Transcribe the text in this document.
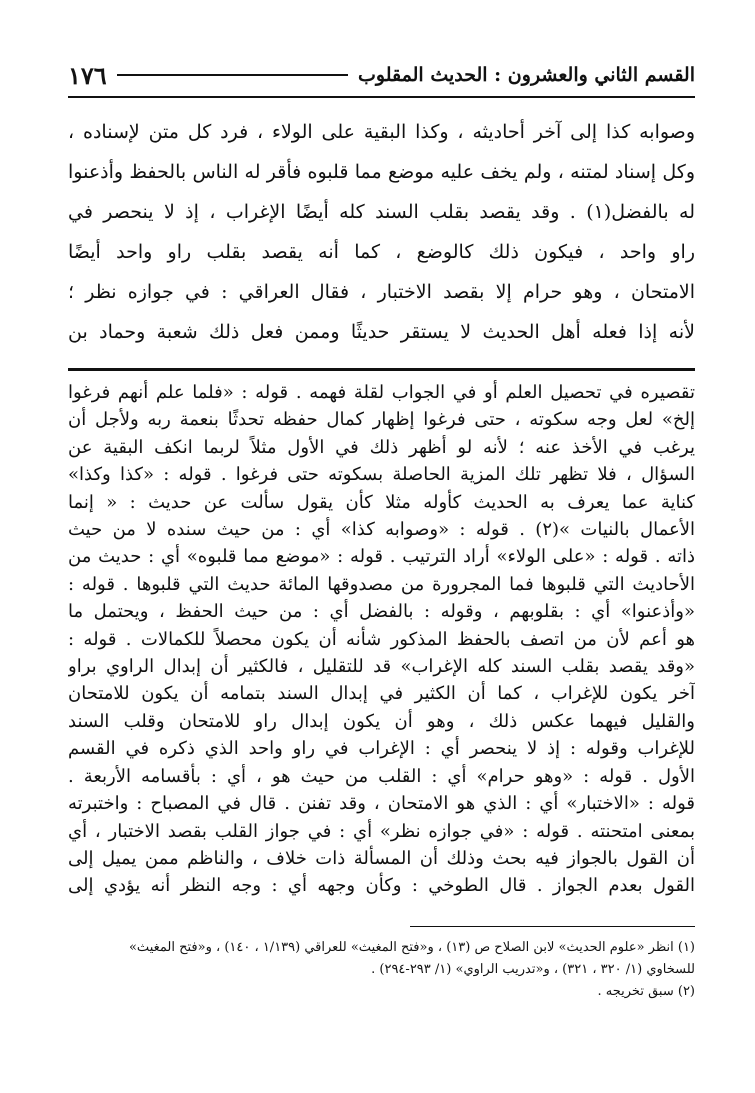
القسم الثاني والعشرون : الحديث المقلوب
١٧٦

وصوابه كذا إلى آخر أحاديثه ، وكذا البقية على الولاء ، فرد كل متن لإسناده ،

وكل إسناد لمتنه ، ولم يخف عليه موضع مما قلبوه فأقر له الناس بالحفظ وأذعنوا

له بالفضل(١) . وقد يقصد بقلب السند كله أيضًا الإغراب ، إذ لا ينحصر في

راو واحد ، فيكون ذلك كالوضع ، كما أنه يقصد بقلب راو واحد أيضًا

الامتحان ، وهو حرام إلا بقصد الاختبار ، فقال العراقي : في جوازه نظر ؛

لأنه إذا فعله أهل الحديث لا يستقر حديثًا وممن فعل ذلك شعبة وحماد بن

تقصيره في تحصيل العلم أو في الجواب لقلة فهمه . قوله : «فلما علم أنهم فرغوا

إلخ» لعل وجه سكوته ، حتى فرغوا إظهار كمال حفظه تحدثًا بنعمة ربه ولأجل أن

يرغب في الأخذ عنه ؛ لأنه لو أظهر ذلك في الأول مثلاً لربما انكف البقية عن

السؤال ، فلا تظهر تلك المزية الحاصلة بسكوته حتى فرغوا . قوله : «كذا وكذا»

كناية عما يعرف به الحديث كأوله مثلا كأن يقول سألت عن حديث : « إنما

الأعمال بالنيات »(٢) . قوله : «وصوابه كذا» أي : من حيث سنده لا من حيث

ذاته . قوله : «على الولاء» أراد الترتيب . قوله : «موضع مما قلبوه» أي : حديث من

الأحاديث التي قلبوها فما المجرورة من مصدوقها المائة حديث التي قلبوها . قوله :

«وأذعنوا» أي : بقلوبهم ، وقوله : بالفضل أي : من حيث الحفظ ، ويحتمل ما

هو أعم لأن من اتصف بالحفظ المذكور شأنه أن يكون محصلاً للكمالات . قوله :

«وقد يقصد بقلب السند كله الإغراب» قد للتقليل ، فالكثير أن إبدال الراوي براو

آخر يكون للإغراب ، كما أن الكثير في إبدال السند بتمامه أن يكون للامتحان

والقليل فيهما عكس ذلك ، وهو أن يكون إبدال راو للامتحان وقلب السند

للإغراب وقوله : إذ لا ينحصر أي : الإغراب في راو واحد الذي ذكره في القسم

الأول . قوله : «وهو حرام» أي : القلب من حيث هو ، أي : بأقسامه الأربعة .

قوله : «الاختبار» أي : الذي هو الامتحان ، وقد تفنن . قال في المصباح : واختبرته

بمعنى امتحنته . قوله : «في جوازه نظر» أي : في جواز القلب بقصد الاختبار ، أي

أن القول بالجواز فيه بحث وذلك أن المسألة ذات خلاف ، والناظم ممن يميل إلى

القول بعدم الجواز . قال الطوخي : وكأن وجهه أي : وجه النظر أنه يؤدي إلى

(١) انظر «علوم الحديث» لابن الصلاح ص (١٣) ، و«فتح المغيث» للعراقي (١/١٣٩ ، ١٤٠) ، و«فتح المغيث»

للسخاوي (١/ ٣٢٠ ، ٣٢١) ، و«تدريب الراوي» (١/ ٢٩٣-٢٩٤) .

(٢) سبق تخريجه .
